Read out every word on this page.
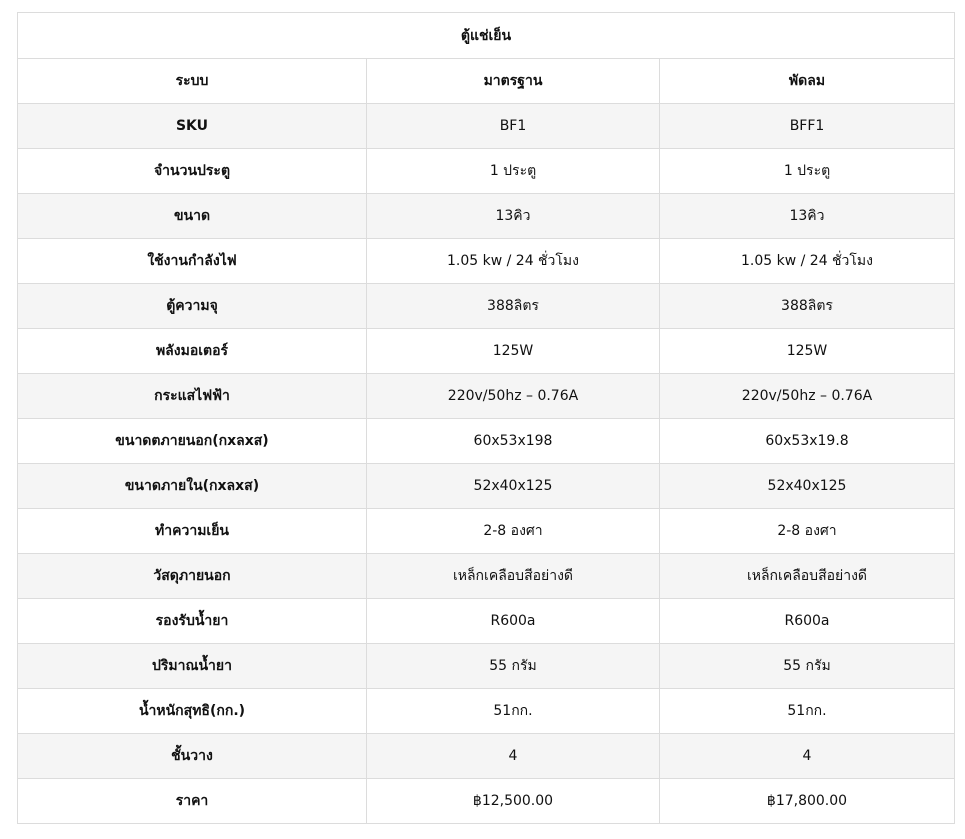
ตู้แช่เย็น		
ระบบ	มาตรฐาน	พัดลม
SKU	BF1	BFF1
จำนวนประตู	1 ประตู	1 ประตู
ขนาด	13คิว	13คิว
ใช้งานกำลังไฟ	1.05 kw / 24 ชั่วโมง	1.05 kw / 24 ชั่วโมง
ตู้ความจุ	388ลิตร	388ลิตร
พลังมอเตอร์	125W	125W
กระแสไฟฟ้า	220v/50hz – 0.76A	220v/50hz – 0.76A
ขนาดตภายนอก(กxลxส)	60x53x198	60x53x19.8
ขนาดภายใน(กxลxส)	52x40x125	52x40x125
ทำความเย็น	2-8 องศา	2-8 องศา
วัสดุภายนอก	เหล็กเคลือบสีอย่างดี	เหล็กเคลือบสีอย่างดี
รองรับน้ำยา	R600a	R600a
ปริมาณน้ำยา	55 กรัม	55 กรัม
น้ำหนักสุทธิ(กก.)	51กก.	51กก.
ชั้นวาง	4	4
ราคา	฿12,500.00	฿17,800.00
